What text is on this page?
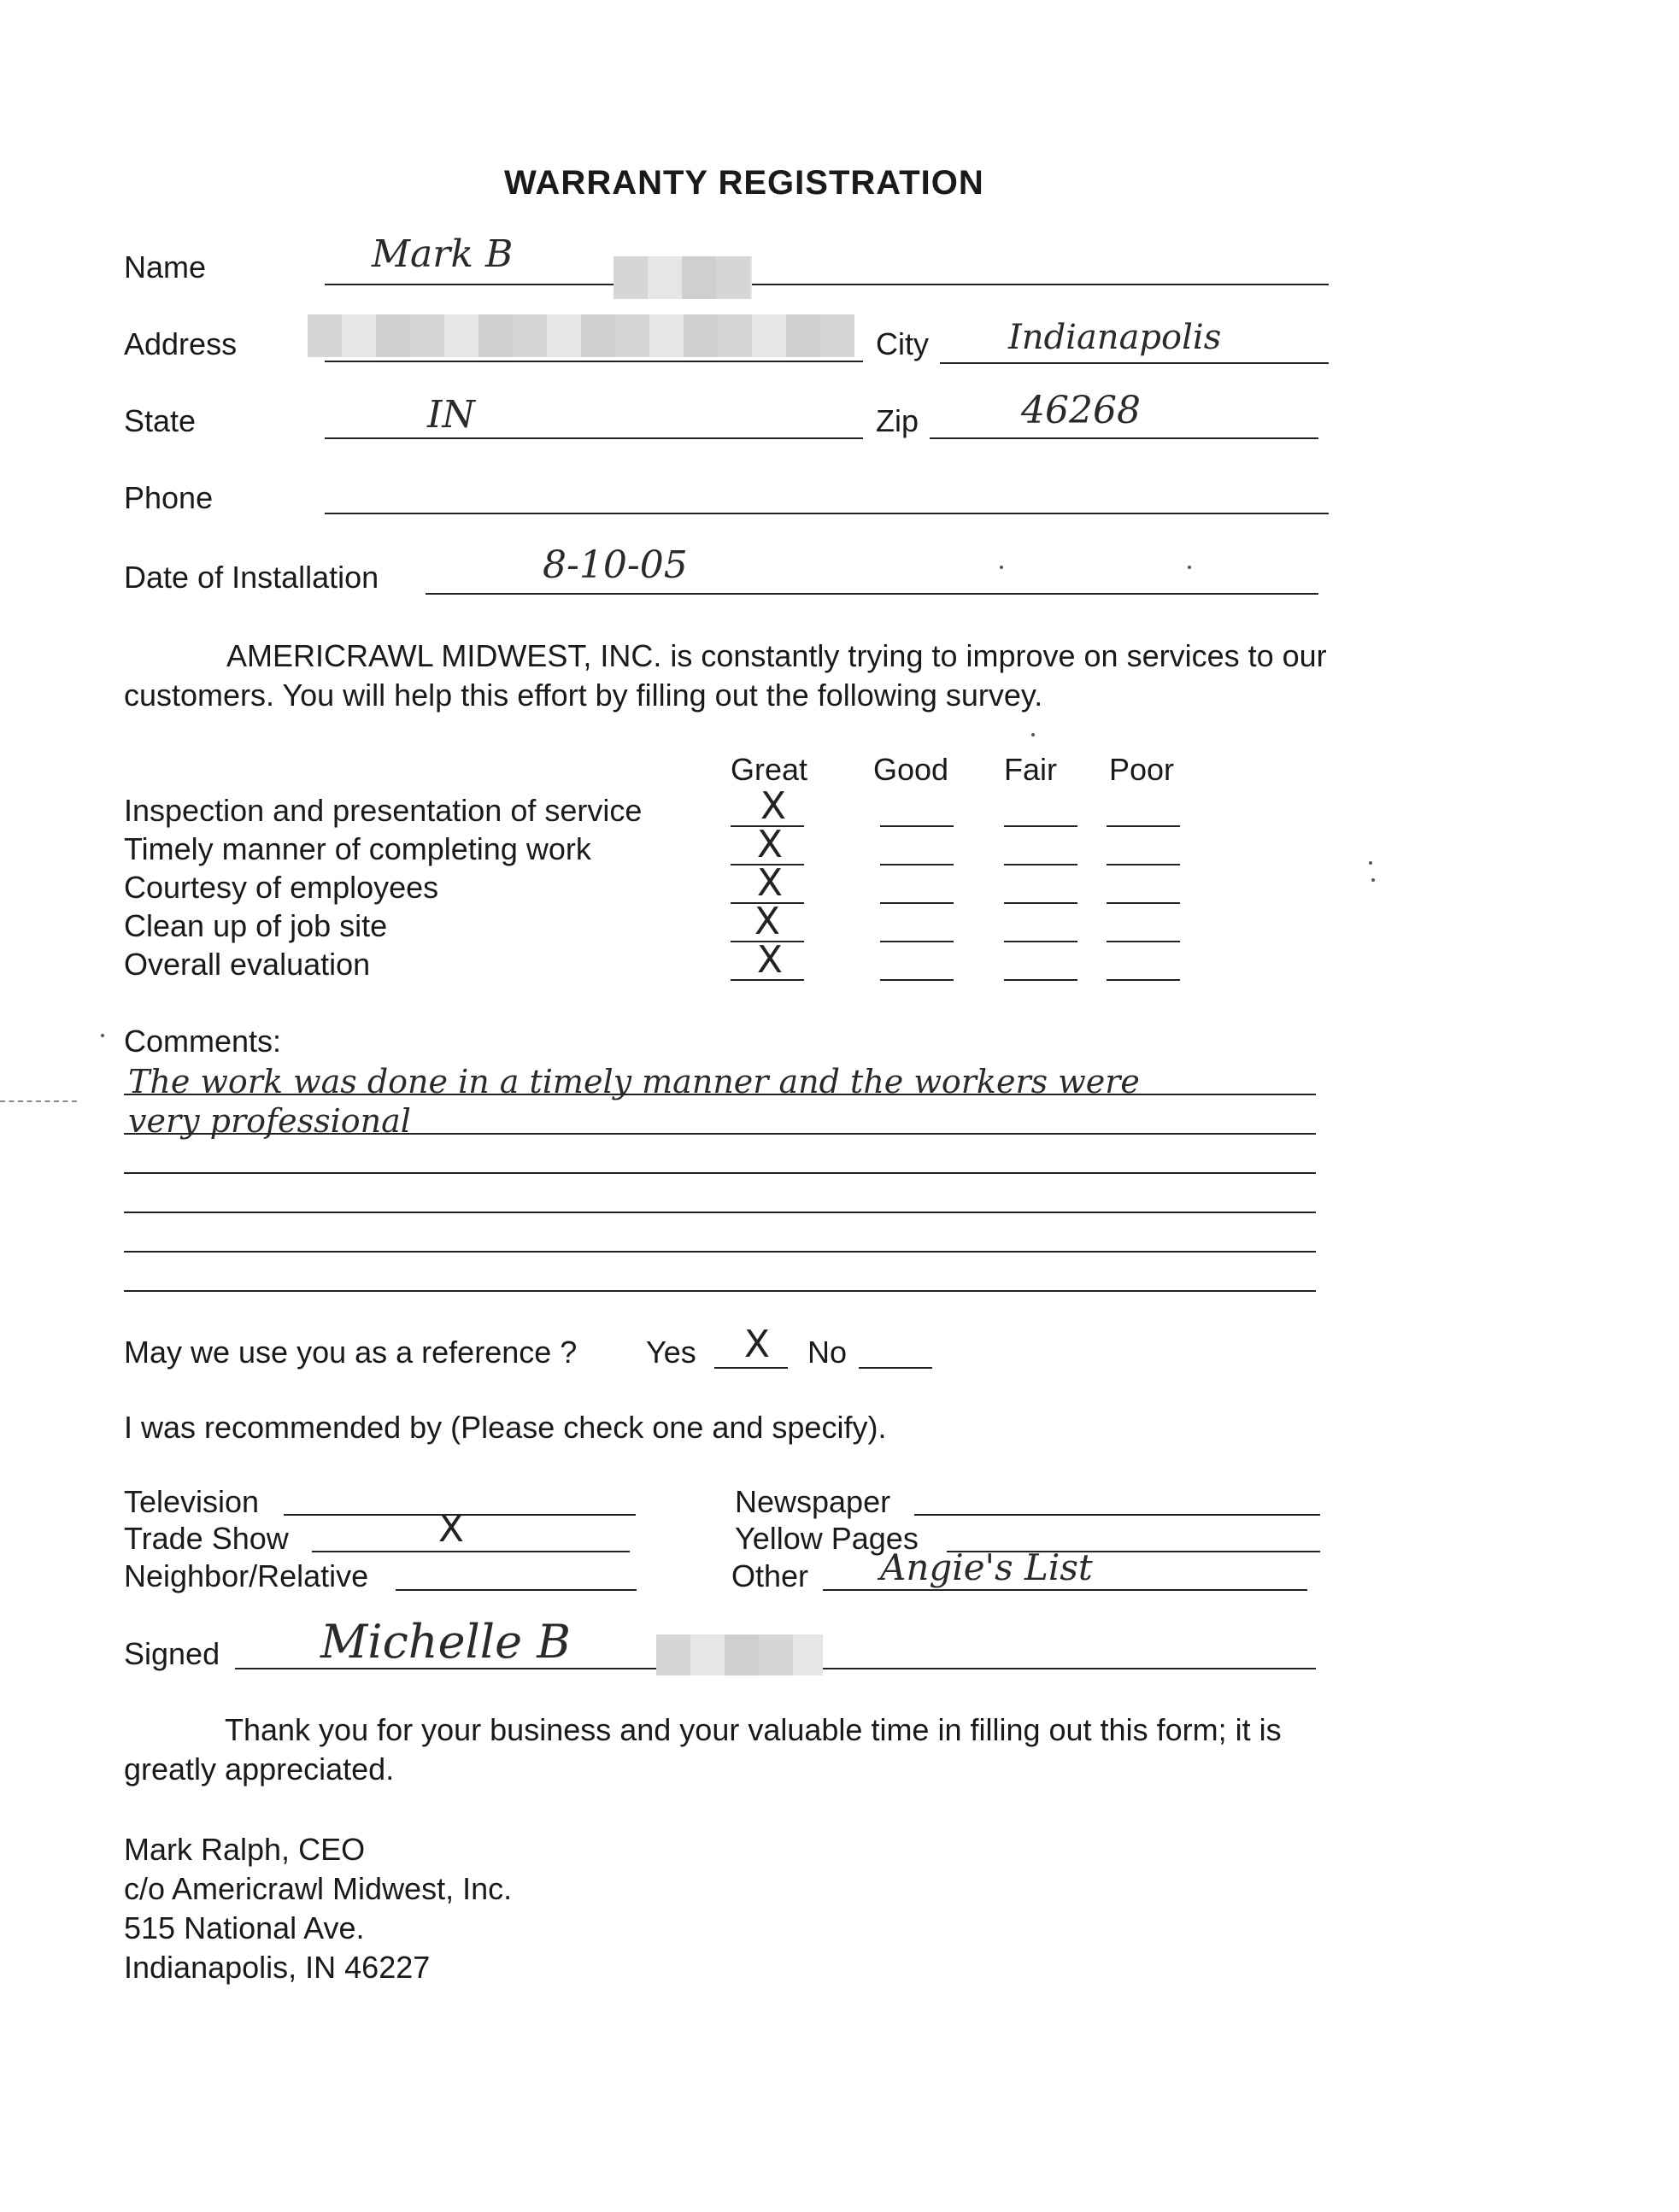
WARRANTY REGISTRATION
Name	Mark B
Address	City Indianapolis
State	IN	Zip	46268
Phone
Date of Installation	8-10-05
AMERICRAWL MIDWEST, INC. is constantly trying to improve on services to our
customers. You will help this effort by filling out the following survey.
Great Good Fair Poor
Inspection and presentation of service	X
Timely manner of completing work	X
Courtesy of employees	X
Clean up of job site	X
Overall evaluation	X
Comments:
The work was done in a timely manner and the workers were
very professional
May we use you as a reference ? Yes	X	No
I was recommended by (Please check one and specify).
Television
Trade Show	X
Neighbor/Relative
Newspaper
Yellow Pages
Other Angie's List
Signed Michelle B
Thank you for your business and your valuable time in filling out this form; it is
greatly appreciated.
Mark Ralph, CEO
c/o Americrawl Midwest, Inc.
515 National Ave.
Indianapolis, IN 46227
